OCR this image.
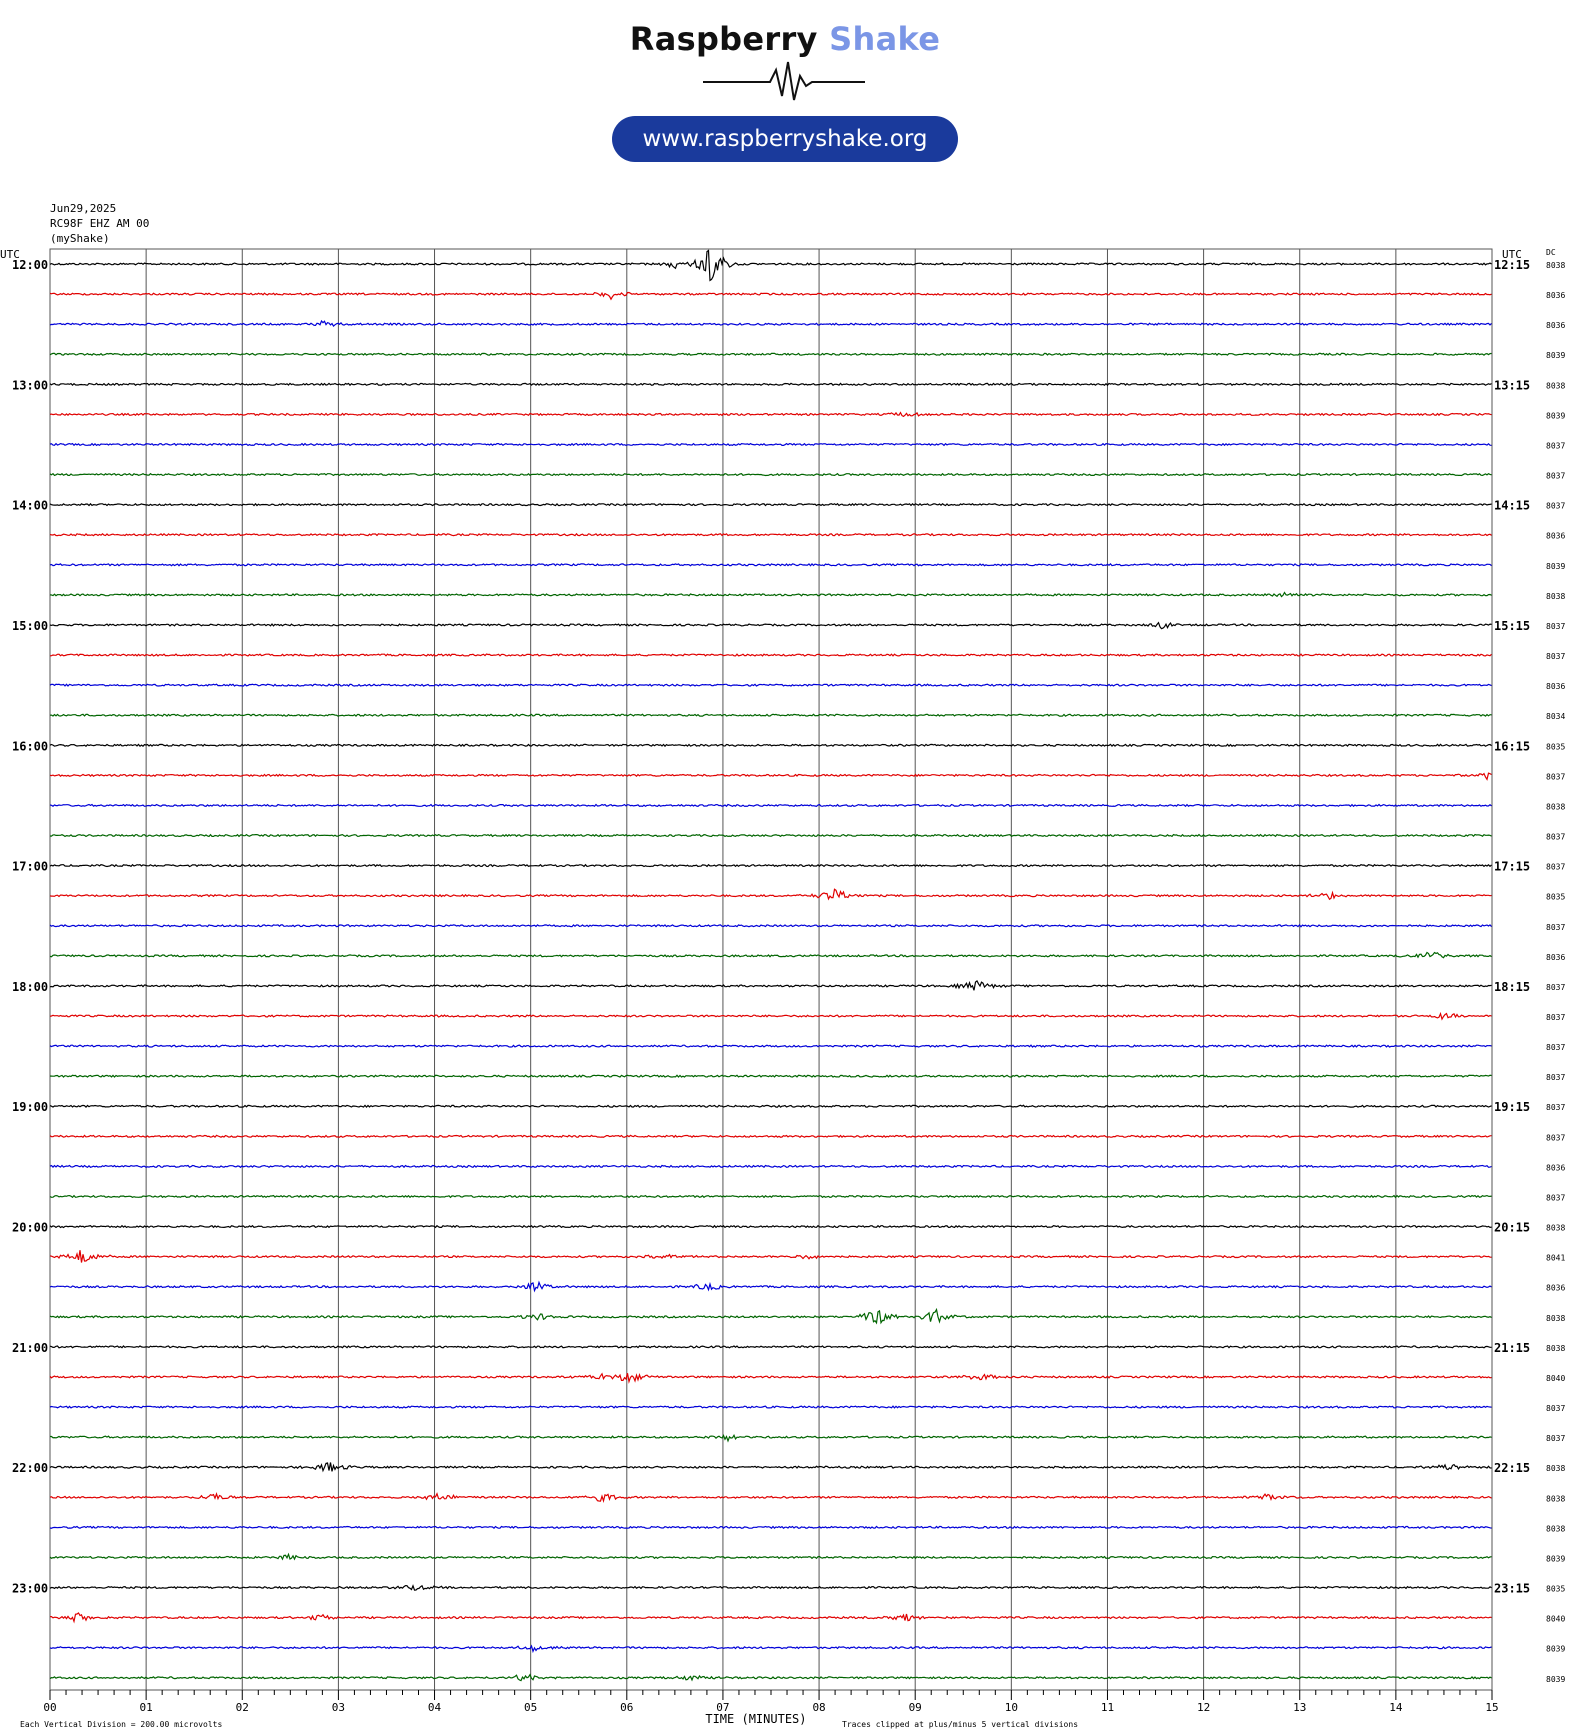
Raspberry Shake
www.raspberryshake.org
Jun29,2025
RC98F EHZ AM 00
(myShake)
00	01	02	03	04	05	06	07	08	09	10	11	12	13	14	15
UTC	UTC	DC
8038
12:00	12:15
8036
8036
8039
8038
13:00	13:15
8039
8037
8037
8037
14:00	14:15
8036
8039
8038
8037
15:00	15:15
8037
8036
8034
8035
16:00	16:15
8037
8038
8037
8037
17:00	17:15
8035
8037
8036
8037
18:00	18:15
8037
8037
8037
8037
19:00	19:15
8037
8036
8037
8038
20:00	20:15
8041
8036
8038
8038
21:00	21:15
8040
8037
8037
8038
22:00	22:15
8038
8038
8039
8035
23:00	23:15
8040
8039
8039
Each Vertical Division = 200.00 microvolts	TIME (MINUTES)	Traces clipped at plus/minus 5 vertical divisions
